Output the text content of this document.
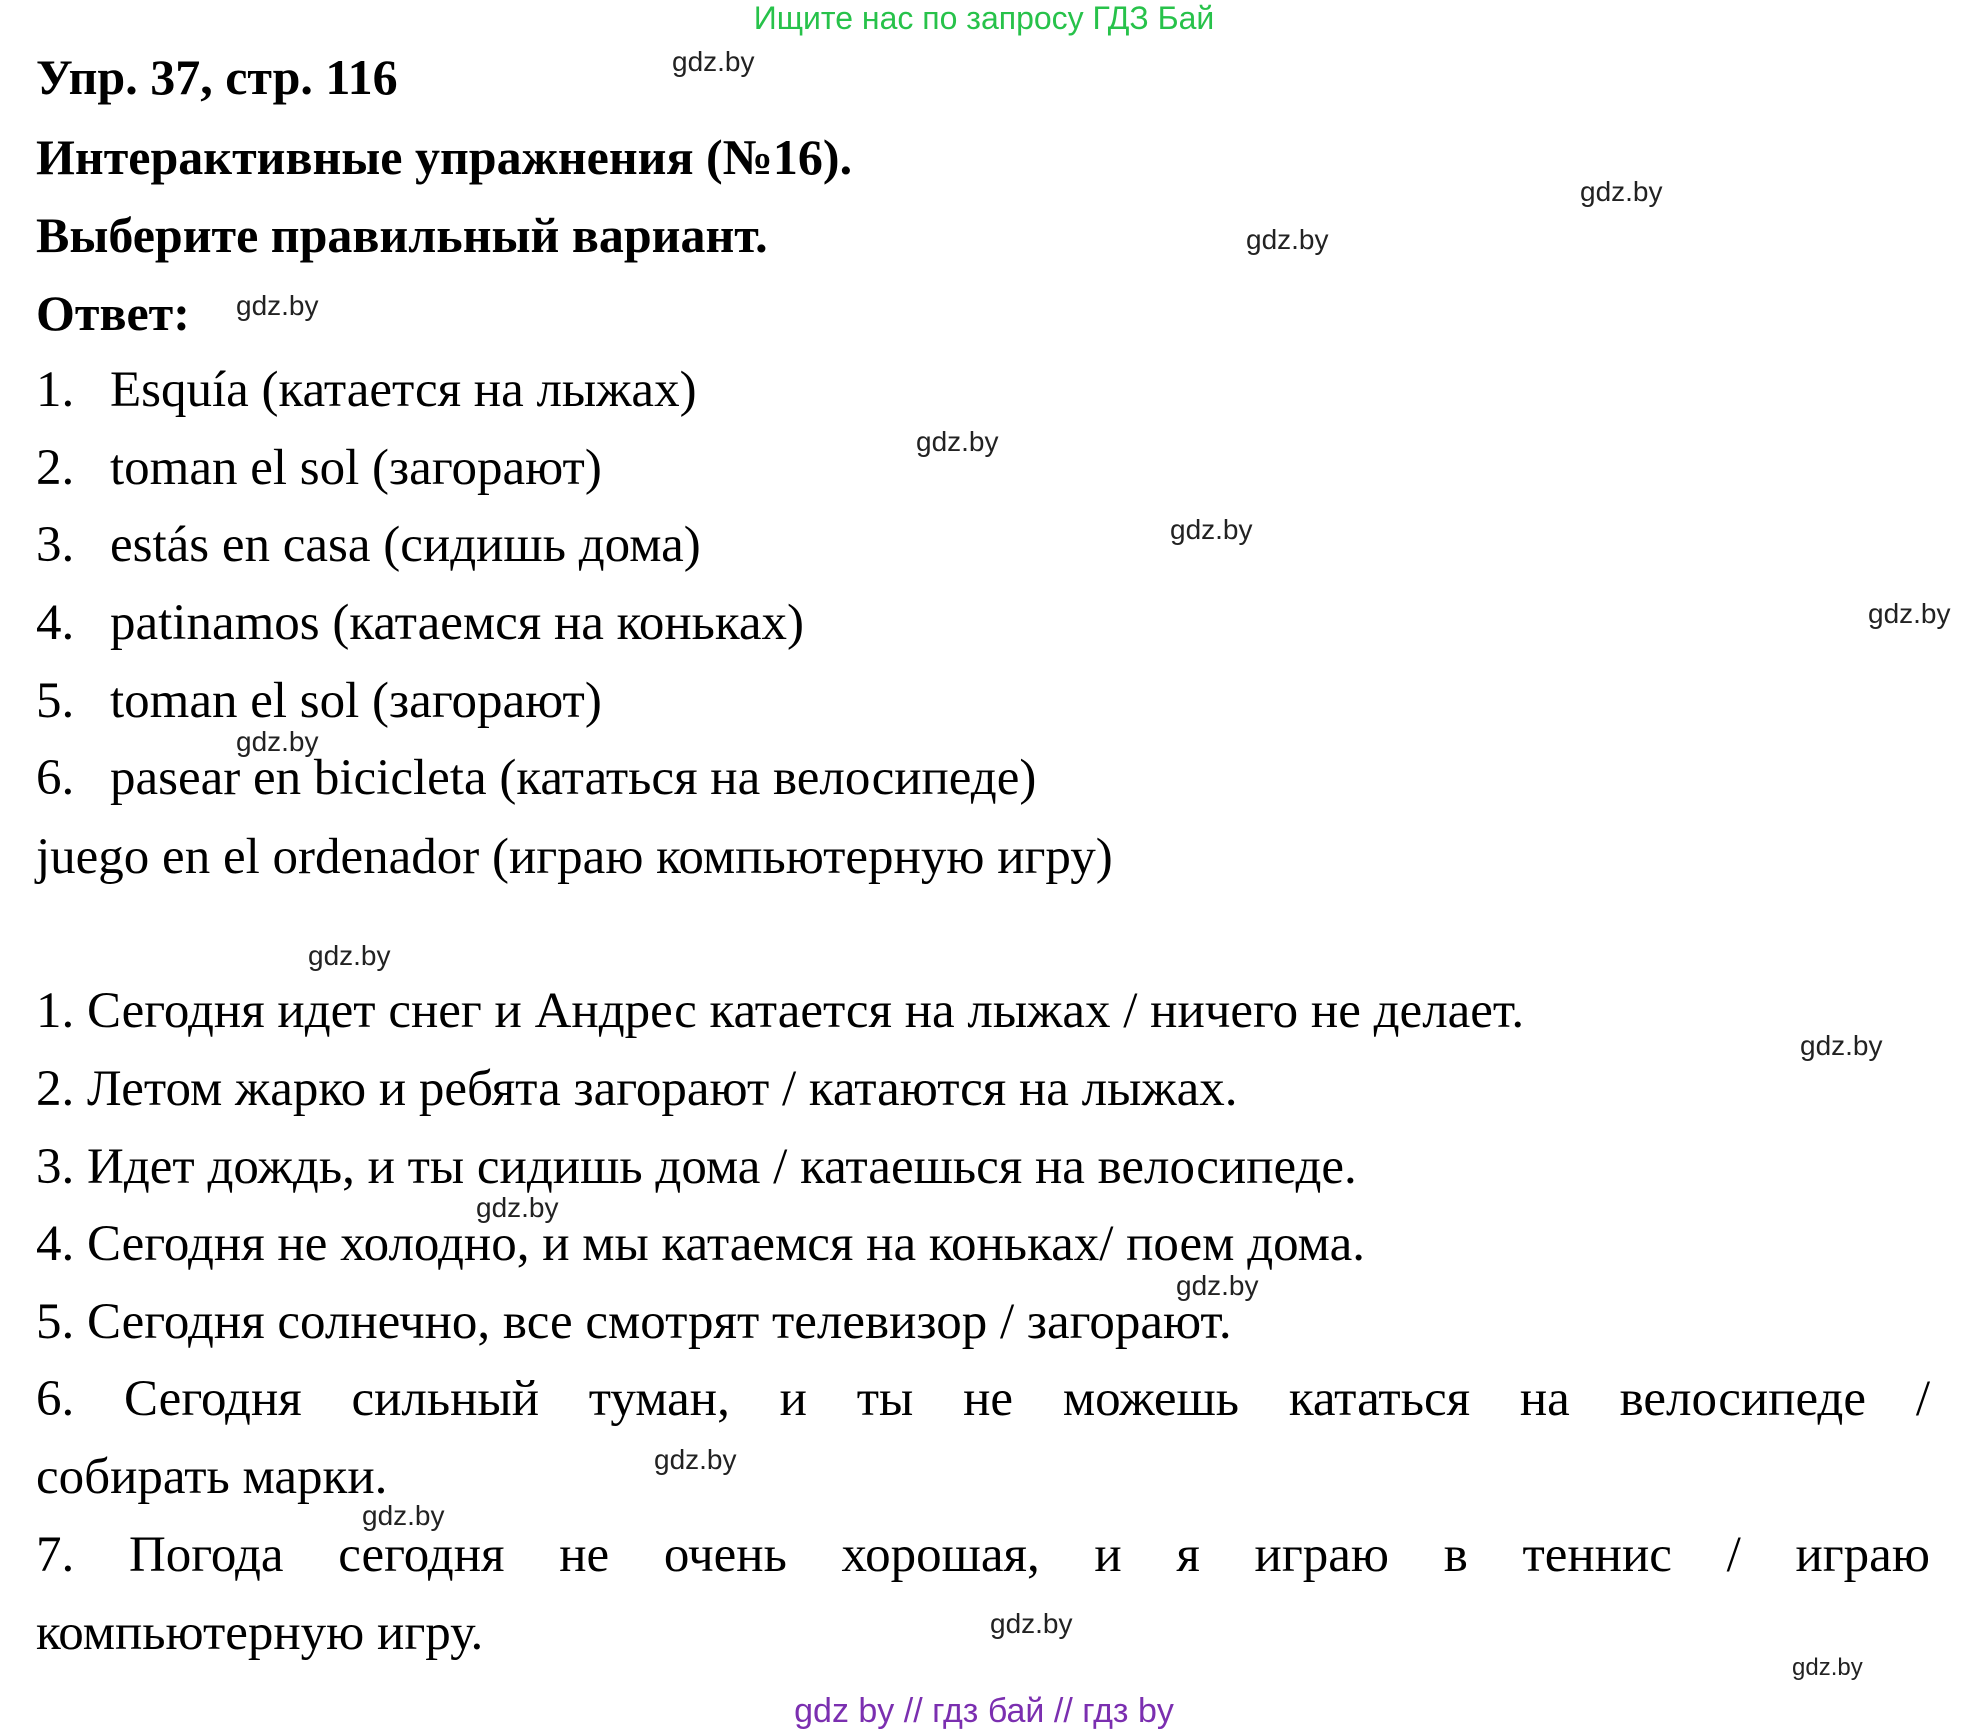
Ищите нас по запросу ГДЗ Бай
Упр. 37, стр. 116
Интерактивные упражнения (№16).
Выберите правильный вариант.
Ответ:
1. Esquía (катается на лыжах)
2. toman el sol (загорают)
3. estás en casa (сидишь дома)
4. patinamos (катаемся на коньках)
5. toman el sol (загорают)
6. pasear en bicicleta (кататься на велосипеде)
juego en el ordenador (играю компьютерную игру)
1. Сегодня идет снег и Андрес катается на лыжах / ничего не делает.
2. Летом жарко и ребята загорают / катаются на лыжах.
3. Идет дождь, и ты сидишь дома / катаешься на велосипеде.
4. Сегодня не холодно, и мы катаемся на коньках/ поем дома.
5. Сегодня солнечно, все смотрят телевизор / загорают.
6. Сегодня сильный туман, и ты не можешь кататься на велосипеде /
собирать марки.
7. Погода сегодня не очень хорошая, и я играю в теннис / играю
компьютерную игру.
gdz.by
gdz.by
gdz.by
gdz.by
gdz.by
gdz.by
gdz.by
gdz.by
gdz.by
gdz.by
gdz.by
gdz.by
gdz.by
gdz.by
gdz.by
gdz.by
gdz by // гдз бай // гдз by
